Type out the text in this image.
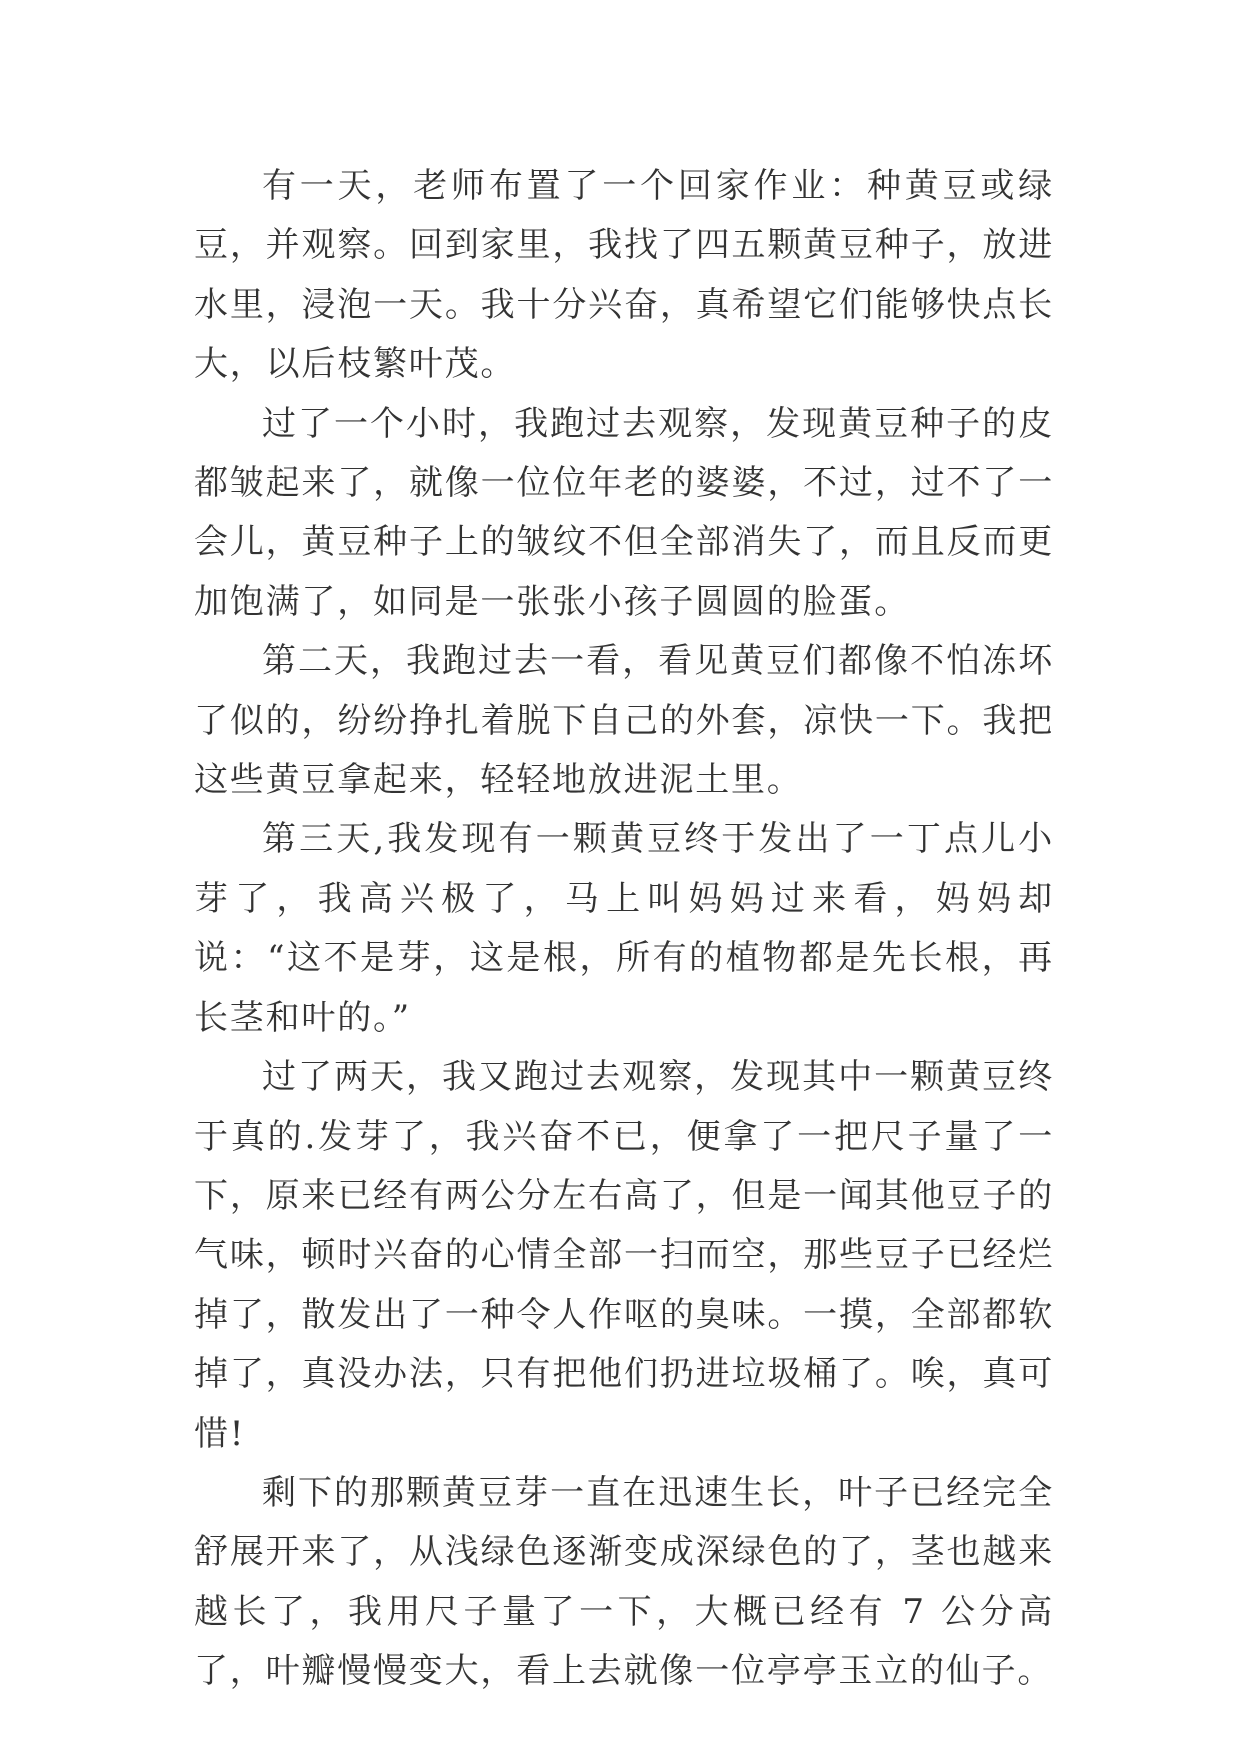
有一天，老师布置了一个回家作业：种黄豆或绿豆，并观察。回到家里，我找了四五颗黄豆种子，放进水里，浸泡一天。我十分兴奋，真希望它们能够快点长大，以后枝繁叶茂。

过了一个小时，我跑过去观察，发现黄豆种子的皮都皱起来了，就像一位位年老的婆婆，不过，过不了一会儿，黄豆种子上的皱纹不但全部消失了，而且反而更加饱满了，如同是一张张小孩子圆圆的脸蛋。

第二天，我跑过去一看，看见黄豆们都像不怕冻坏了似的，纷纷挣扎着脱下自己的外套，凉快一下。我把这些黄豆拿起来，轻轻地放进泥土里。

第三天,我发现有一颗黄豆终于发出了一丁点儿小芽了，我高兴极了，马上叫妈妈过来看，妈妈却说：“这不是芽，这是根，所有的植物都是先长根，再长茎和叶的。”

过了两天，我又跑过去观察，发现其中一颗黄豆终于真的.发芽了，我兴奋不已，便拿了一把尺子量了一下，原来已经有两公分左右高了，但是一闻其他豆子的气味，顿时兴奋的心情全部一扫而空，那些豆子已经烂掉了，散发出了一种令人作呕的臭味。一摸，全部都软掉了，真没办法，只有把他们扔进垃圾桶了。唉，真可惜!

剩下的那颗黄豆芽一直在迅速生长，叶子已经完全舒展开来了，从浅绿色逐渐变成深绿色的了，茎也越来越长了，我用尺子量了一下，大概已经有 7 公分高了，叶瓣慢慢变大，看上去就像一位亭亭玉立的仙子。
